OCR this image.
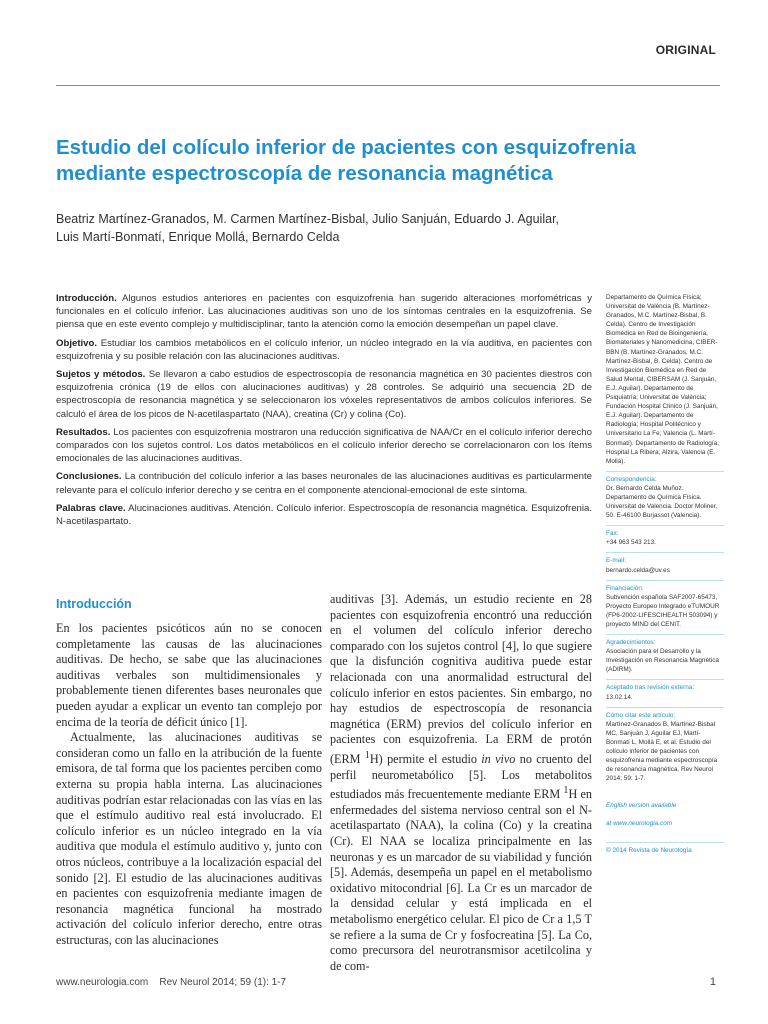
ORIGINAL
Estudio del colículo inferior de pacientes con esquizofrenia mediante espectroscopía de resonancia magnética
Beatriz Martínez-Granados, M. Carmen Martínez-Bisbal, Julio Sanjuán, Eduardo J. Aguilar,
Luis Martí-Bonmatí, Enrique Mollá, Bernardo Celda

Introducción. Algunos estudios anteriores en pacientes con esquizofrenia han sugerido alteraciones morfométricas y funcionales en el colículo inferior. Las alucinaciones auditivas son uno de los síntomas centrales en la esquizofrenia. Se piensa que en este evento complejo y multidisciplinar, tanto la atención como la emoción desempeñan un papel clave.

Objetivo. Estudiar los cambios metabólicos en el colículo inferior, un núcleo integrado en la vía auditiva, en pacientes con esquizofrenia y su posible relación con las alucinaciones auditivas.

Sujetos y métodos. Se llevaron a cabo estudios de espectroscopía de resonancia magnética en 30 pacientes diestros con esquizofrenia crónica (19 de ellos con alucinaciones auditivas) y 28 controles. Se adquirió una secuencia 2D de espectroscopía de resonancia magnética y se seleccionaron los vóxeles representativos de ambos colículos inferiores. Se calculó el área de los picos de N-acetilaspartato (NAA), creatina (Cr) y colina (Co).

Resultados. Los pacientes con esquizofrenia mostraron una reducción significativa de NAA/Cr en el colículo inferior derecho comparados con los sujetos control. Los datos metabólicos en el colículo inferior derecho se correlacionaron con los ítems emocionales de las alucinaciones auditivas.

Conclusiones. La contribución del colículo inferior a las bases neuronales de las alucinaciones auditivas es particularmente relevante para el colículo inferior derecho y se centra en el componente atencional-emocional de este síntoma.

Palabras clave. Alucinaciones auditivas. Atención. Colículo inferior. Espectroscopía de resonancia magnética. Esquizofrenia. N-acetilaspartato.

Departamento de Química Física; Universitat de València (B. Martínez-Granados, M.C. Martínez-Bisbal, B. Celda). Centro de Investigación Biomédica en Red de Bioingeniería, Biomateriales y Nanomedicina, CIBER-BBN (B. Martínez-Granados, M.C. Martínez-Bisbal, B. Celda). Centro de Investigación Biomédica en Red de Salud Mental, CIBERSAM (J. Sanjuán, E.J. Aguilar). Departamento de Psiquiatría; Universitat de València; Fundación Hospital Clínico (J. Sanjuán, E.J. Aguilar). Departamento de Radiología; Hospital Politécnico y Universitario La Fe; Valencia (L. Martí-Bonmatí). Departamento de Radiología; Hospital La Ribera; Alzira, Valencia (E. Mollá).

Correspondencia:

Dr. Bernardo Celda Muñoz. Departamento de Química Física. Universitat de Valencia. Doctor Moliner, 50. E-46100 Burjassot (Valencia).

Fax:

+34 963 543 213.

E-mail:

bernardo.celda@uv.es

Financiación:

Subvención española SAF2007-65473, Proyecto Europeo Integrado eTUMOUR (FP6-2002-LIFESCIHEALTH 503094) y proyecto MIND del CENIT.

Agradecimientos:

Asociación para el Desarrollo y la Investigación en Resonancia Magnética (ADIRM).

Aceptado tras revisión externa:

13.02.14.

Cómo citar este artículo:

Martínez-Granados B, Martínez-Bisbal MC, Sanjuán J, Aguilar EJ, Martí-Bonmatí L, Mollá E, et al. Estudio del colículo inferior de pacientes con esquizofrenia mediante espectroscopía de resonancia magnética. Rev Neurol 2014; 59: 1-7.

English version available

at www.neurologia.com

© 2014 Revista de Neurología
Introducción

En los pacientes psicóticos aún no se conocen completamente las causas de las alucinaciones auditivas. De hecho, se sabe que las alucinaciones auditivas verbales son multidimensionales y probablemente tienen diferentes bases neuronales que pueden ayudar a explicar un evento tan complejo por encima de la teoría de déficit único [1].

Actualmente, las alucinaciones auditivas se consideran como un fallo en la atribución de la fuente emisora, de tal forma que los pacientes perciben como externa su propia habla interna. Las alucinaciones auditivas podrían estar relacionadas con las vías en las que el estímulo auditivo real está involucrado. El colículo inferior es un núcleo integrado en la vía auditiva que modula el estímulo auditivo y, junto con otros núcleos, contribuye a la localización espacial del sonido [2]. El estudio de las alucinaciones auditivas en pacientes con esquizofrenia mediante imagen de resonancia magnética funcional ha mostrado activación del colículo inferior derecho, entre otras estructuras, con las alucinaciones

auditivas [3]. Además, un estudio reciente en 28 pacientes con esquizofrenia encontró una reducción en el volumen del colículo inferior derecho comparado con los sujetos control [4], lo que sugiere que la disfunción cognitiva auditiva puede estar relacionada con una anormalidad estructural del colículo inferior en estos pacientes. Sin embargo, no hay estudios de espectroscopía de resonancia magnética (ERM) previos del colículo inferior en pacientes con esquizofrenia. La ERM de protón (ERM $^1$H) permite el estudio in vivo no cruento del perfil neurometabólico [5]. Los metabolitos estudiados más frecuentemente mediante ERM $^1$H en enfermedades del sistema nervioso central son el N-acetilaspartato (NAA), la colina (Co) y la creatina (Cr). El NAA se localiza principalmente en las neuronas y es un marcador de su viabilidad y función [5]. Además, desempeña un papel en el metabolismo oxidativo mitocondrial [6]. La Cr es un marcador de la densidad celular y está implicada en el metabolismo energético celular. El pico de Cr a 1,5 T se refiere a la suma de Cr y fosfocreatina [5]. La Co, como precursora del neurotransmisor acetilcolina y de com-

www.neurologia.com    Rev Neurol 2014; 59 (1): 1-7	1
